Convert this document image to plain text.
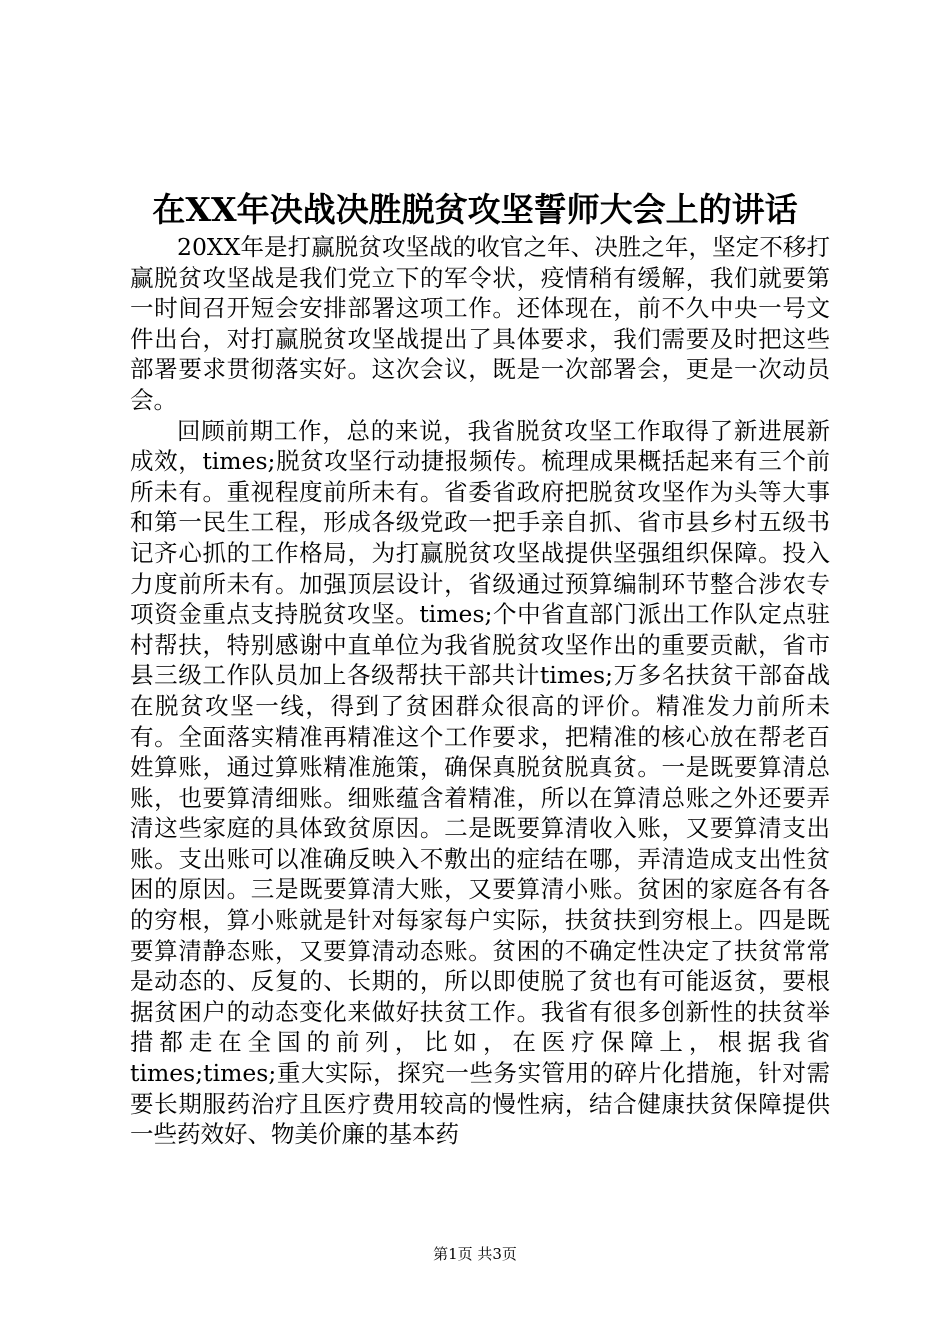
在XX年决战决胜脱贫攻坚誓师大会上的讲话

20XX年是打赢脱贫攻坚战的收官之年、决胜之年，坚定不移打赢脱贫攻坚战是我们党立下的军令状，疫情稍有缓解，我们就要第一时间召开短会安排部署这项工作。还体现在，前不久中央一号文件出台，对打赢脱贫攻坚战提出了具体要求，我们需要及时把这些部署要求贯彻落实好。这次会议，既是一次部署会，更是一次动员会。

回顾前期工作，总的来说，我省脱贫攻坚工作取得了新进展新成效，times;脱贫攻坚行动捷报频传。梳理成果概括起来有三个前所未有。重视程度前所未有。省委省政府把脱贫攻坚作为头等大事和第一民生工程，形成各级党政一把手亲自抓、省市县乡村五级书记齐心抓的工作格局，为打赢脱贫攻坚战提供坚强组织保障。投入力度前所未有。加强顶层设计，省级通过预算编制环节整合涉农专项资金重点支持脱贫攻坚。times;个中省直部门派出工作队定点驻村帮扶，特别感谢中直单位为我省脱贫攻坚作出的重要贡献，省市县三级工作队员加上各级帮扶干部共计times;万多名扶贫干部奋战在脱贫攻坚一线，得到了贫困群众很高的评价。精准发力前所未有。全面落实精准再精准这个工作要求，把精准的核心放在帮老百姓算账，通过算账精准施策，确保真脱贫脱真贫。一是既要算清总账，也要算清细账。细账蕴含着精准，所以在算清总账之外还要弄清这些家庭的具体致贫原因。二是既要算清收入账，又要算清支出账。支出账可以准确反映入不敷出的症结在哪，弄清造成支出性贫困的原因。三是既要算清大账，又要算清小账。贫困的家庭各有各的穷根，算小账就是针对每家每户实际，扶贫扶到穷根上。四是既要算清静态账，又要算清动态账。贫困的不确定性决定了扶贫常常是动态的、反复的、长期的，所以即使脱了贫也有可能返贫，要根据贫困户的动态变化来做好扶贫工作。我省有很多创新性的扶贫举措都走在全国的前列，比如，在医疗保障上，根据我省times;times;重大实际，探究一些务实管用的碎片化措施，针对需要长期服药治疗且医疗费用较高的慢性病，结合健康扶贫保障提供一些药效好、物美价廉的基本药

第1页 共3页
